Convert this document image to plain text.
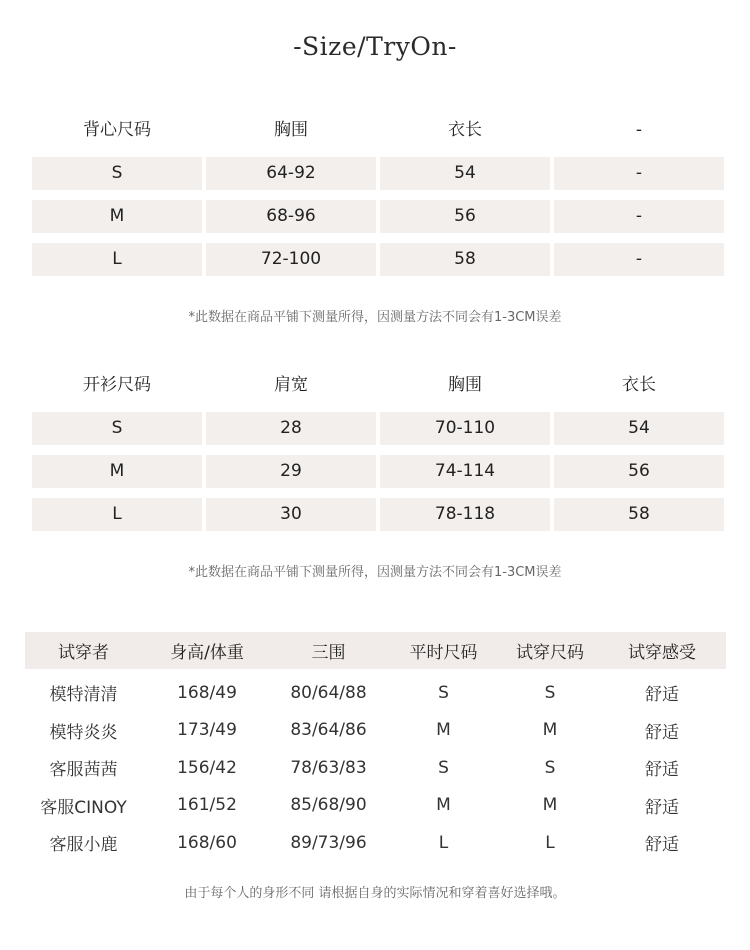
-Size/TryOn-
背心尺码	胸围	衣长	-
S	64-92	54	-
M	68-96	56	-
L	72-100	58	-
*此数据在商品平铺下测量所得，因测量方法不同会有1-3CM误差
开衫尺码	肩宽	胸围	衣长
S	28	70-110	54
M	29	74-114	56
L	30	78-118	58
*此数据在商品平铺下测量所得，因测量方法不同会有1-3CM误差
试穿者	身高/体重	三围	平时尺码	试穿尺码	试穿感受
模特清清	168/49	80/64/88	S	S	舒适
模特炎炎	173/49	83/64/86	M	M	舒适
客服茜茜	156/42	78/63/83	S	S	舒适
客服CINOY	161/52	85/68/90	M	M	舒适
客服小鹿	168/60	89/73/96	L	L	舒适
由于每个人的身形不同 请根据自身的实际情况和穿着喜好选择哦。
